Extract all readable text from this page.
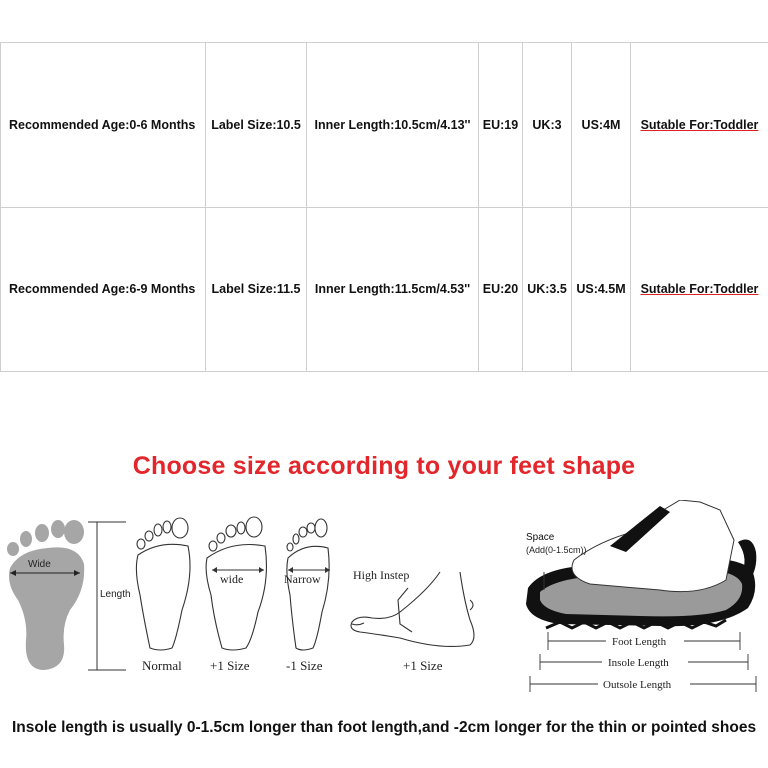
Recommended Age:0-6 Months	Label Size:10.5	Inner Length:10.5cm/4.13''	EU:19	UK:3	US:4M	Sutable For:Toddler
Recommended Age:6-9 Months	Label Size:11.5	Inner Length:11.5cm/4.53''	EU:20	UK:3.5	US:4.5M	Sutable For:Toddler
Choose size according to your feet shape
Wide
Length
wide	Narrow	High Instep
Normal +1 Size	-1 Size	+1 Size
Space
(Add(0-1.5cm))
Foot Length
Insole Length
Outsole Length
Insole length is usually 0-1.5cm longer than foot length,and -2cm longer for the thin or pointed shoes
